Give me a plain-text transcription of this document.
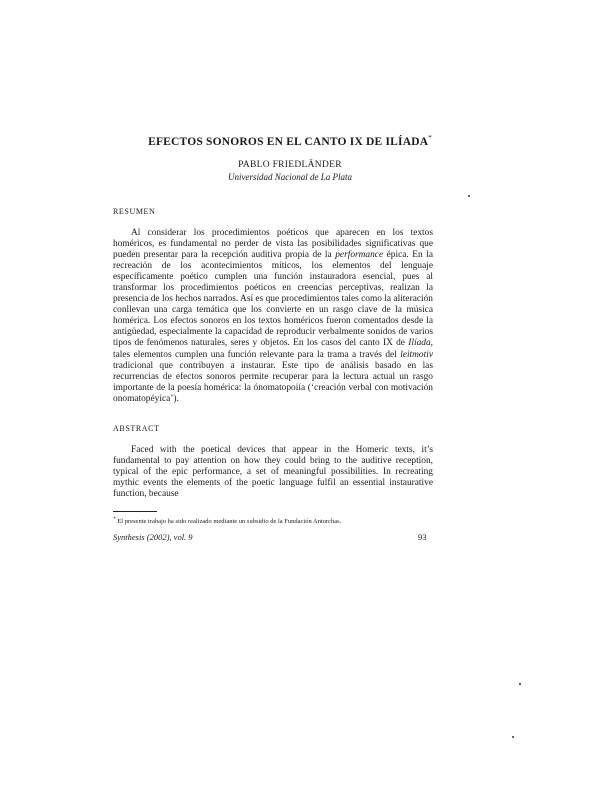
EFECTOS SONOROS EN EL CANTO IX DE ILÍADA*
PABLO FRIEDLÄNDER
Universidad Nacional de La Plata
RESUMEN

Al considerar los procedimientos poéticos que aparecen en los textos homéricos, es fundamental no perder de vista las posibilidades significativas que pueden presentar para la recepción auditiva propia de la performance épica. En la recreación de los acontecimientos míticos, los elementos del lenguaje específicamente poético cumplen una función instauradora esencial, pues al transformar los procedimientos poéticos en creencias perceptivas, realizan la presencia de los hechos narrados. Así es que procedimientos tales como la aliteración conllevan una carga temática que los convierte en un rasgo clave de la música homérica. Los efectos sonoros en los textos homéricos fueron comentados desde la antigüedad, especialmente la capacidad de reproducir verbalmente sonidos de varios tipos de fenómenos naturales, seres y objetos. En los casos del canto IX de Ilíada, tales elementos cumplen una función relevante para la trama a través del leitmotiv tradicional que contribuyen a instaurar. Este tipo de análisis basado en las recurrencias de efectos sonoros permite recuperar para la lectura actual un rasgo importante de la poesía homérica: la ónomatopoiía (‘creación verbal con motivación onomatopéyica’).

ABSTRACT

Faced with the poetical devices that appear in the Homeric texts, it’s fundamental to pay attention on how they could bring to the auditive reception, typical of the epic performance, a set of meaningful possibilities. In recreating mythic events the elements of the poetic language fulfil an essential instaurative function, because

* El presente trabajo ha sido realizado mediante un subsidio de la Fundación Antorchas.
Synthesis (2002), vol. 9	93
